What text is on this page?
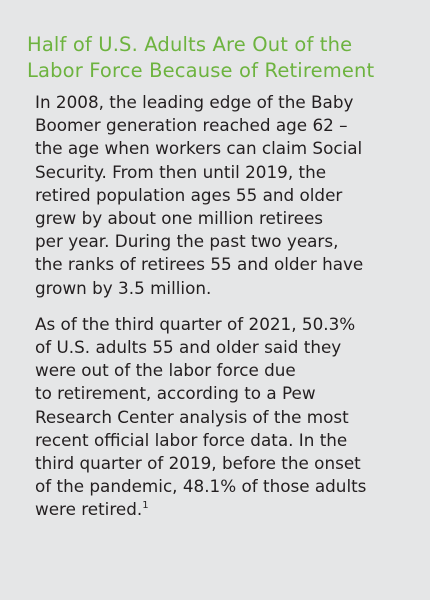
Half of U.S. Adults Are Out of the
Labor Force Because of Retirement

In 2008, the leading edge of the Baby
Boomer generation reached age 62 –
the age when workers can claim Social
Security. From then until 2019, the
retired population ages 55 and older
grew by about one million retirees
per year. During the past two years,
the ranks of retirees 55 and older have
grown by 3.5 million.

As of the third quarter of 2021, 50.3%
of U.S. adults 55 and older said they
were out of the labor force due
to retirement, according to a Pew
Research Center analysis of the most
recent official labor force data. In the
third quarter of 2019, before the onset
of the pandemic, 48.1% of those adults
were retired.$^1$
